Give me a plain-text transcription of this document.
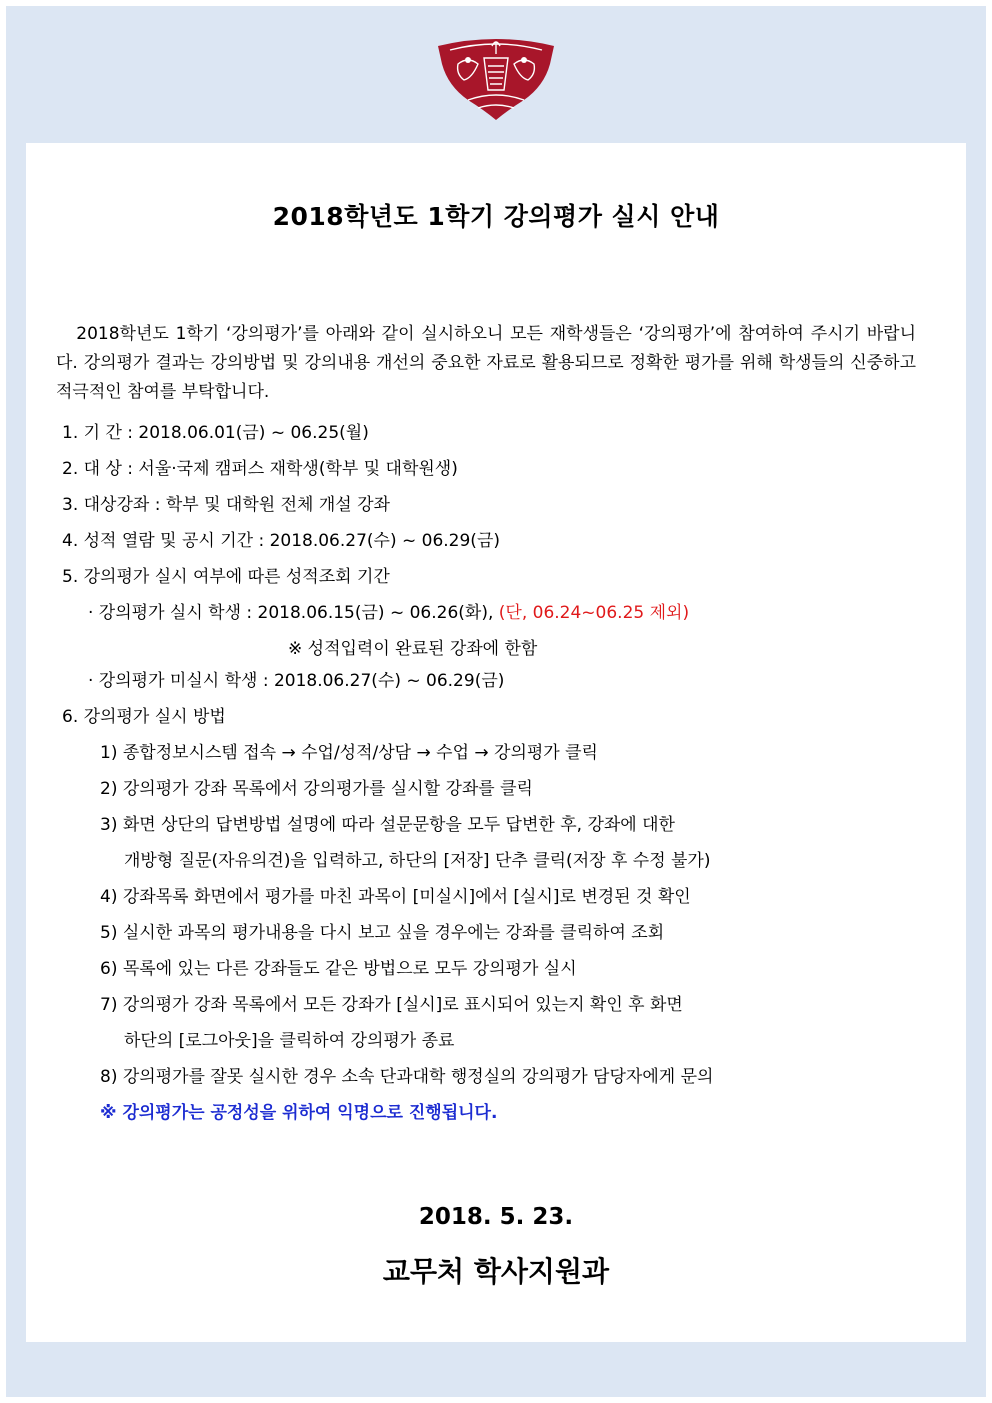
2018학년도 1학기 강의평가 실시 안내
2018학년도 1학기 ‘강의평가’를 아래와 같이 실시하오니 모든 재학생들은 ‘강의평가’에 참여하여 주시기 바랍니다. 강의평가 결과는 강의방법 및 강의내용 개선의 중요한 자료로 활용되므로 정확한 평가를 위해 학생들의 신중하고 적극적인 참여를 부탁합니다.
1. 기 간 : 2018.06.01(금) ~ 06.25(월)
2. 대 상 : 서울·국제 캠퍼스 재학생(학부 및 대학원생)
3. 대상강좌 : 학부 및 대학원 전체 개설 강좌
4. 성적 열람 및 공시 기간 : 2018.06.27(수) ~ 06.29(금)
5. 강의평가 실시 여부에 따른 성적조회 기간
· 강의평가 실시 학생 : 2018.06.15(금) ~ 06.26(화), (단, 06.24~06.25 제외)
※ 성적입력이 완료된 강좌에 한함
· 강의평가 미실시 학생 : 2018.06.27(수) ~ 06.29(금)
6. 강의평가 실시 방법
1) 종합정보시스템 접속 → 수업/성적/상담 → 수업 → 강의평가 클릭
2) 강의평가 강좌 목록에서 강의평가를 실시할 강좌를 클릭
3) 화면 상단의 답변방법 설명에 따라 설문문항을 모두 답변한 후, 강좌에 대한
개방형 질문(자유의견)을 입력하고, 하단의 [저장] 단추 클릭(저장 후 수정 불가)
4) 강좌목록 화면에서 평가를 마친 과목이 [미실시]에서 [실시]로 변경된 것 확인
5) 실시한 과목의 평가내용을 다시 보고 싶을 경우에는 강좌를 클릭하여 조회
6) 목록에 있는 다른 강좌들도 같은 방법으로 모두 강의평가 실시
7) 강의평가 강좌 목록에서 모든 강좌가 [실시]로 표시되어 있는지 확인 후 화면
하단의 [로그아웃]을 클릭하여 강의평가 종료
8) 강의평가를 잘못 실시한 경우 소속 단과대학 행정실의 강의평가 담당자에게 문의
※ 강의평가는 공정성을 위하여 익명으로 진행됩니다.
2018. 5. 23.
교무처 학사지원과
